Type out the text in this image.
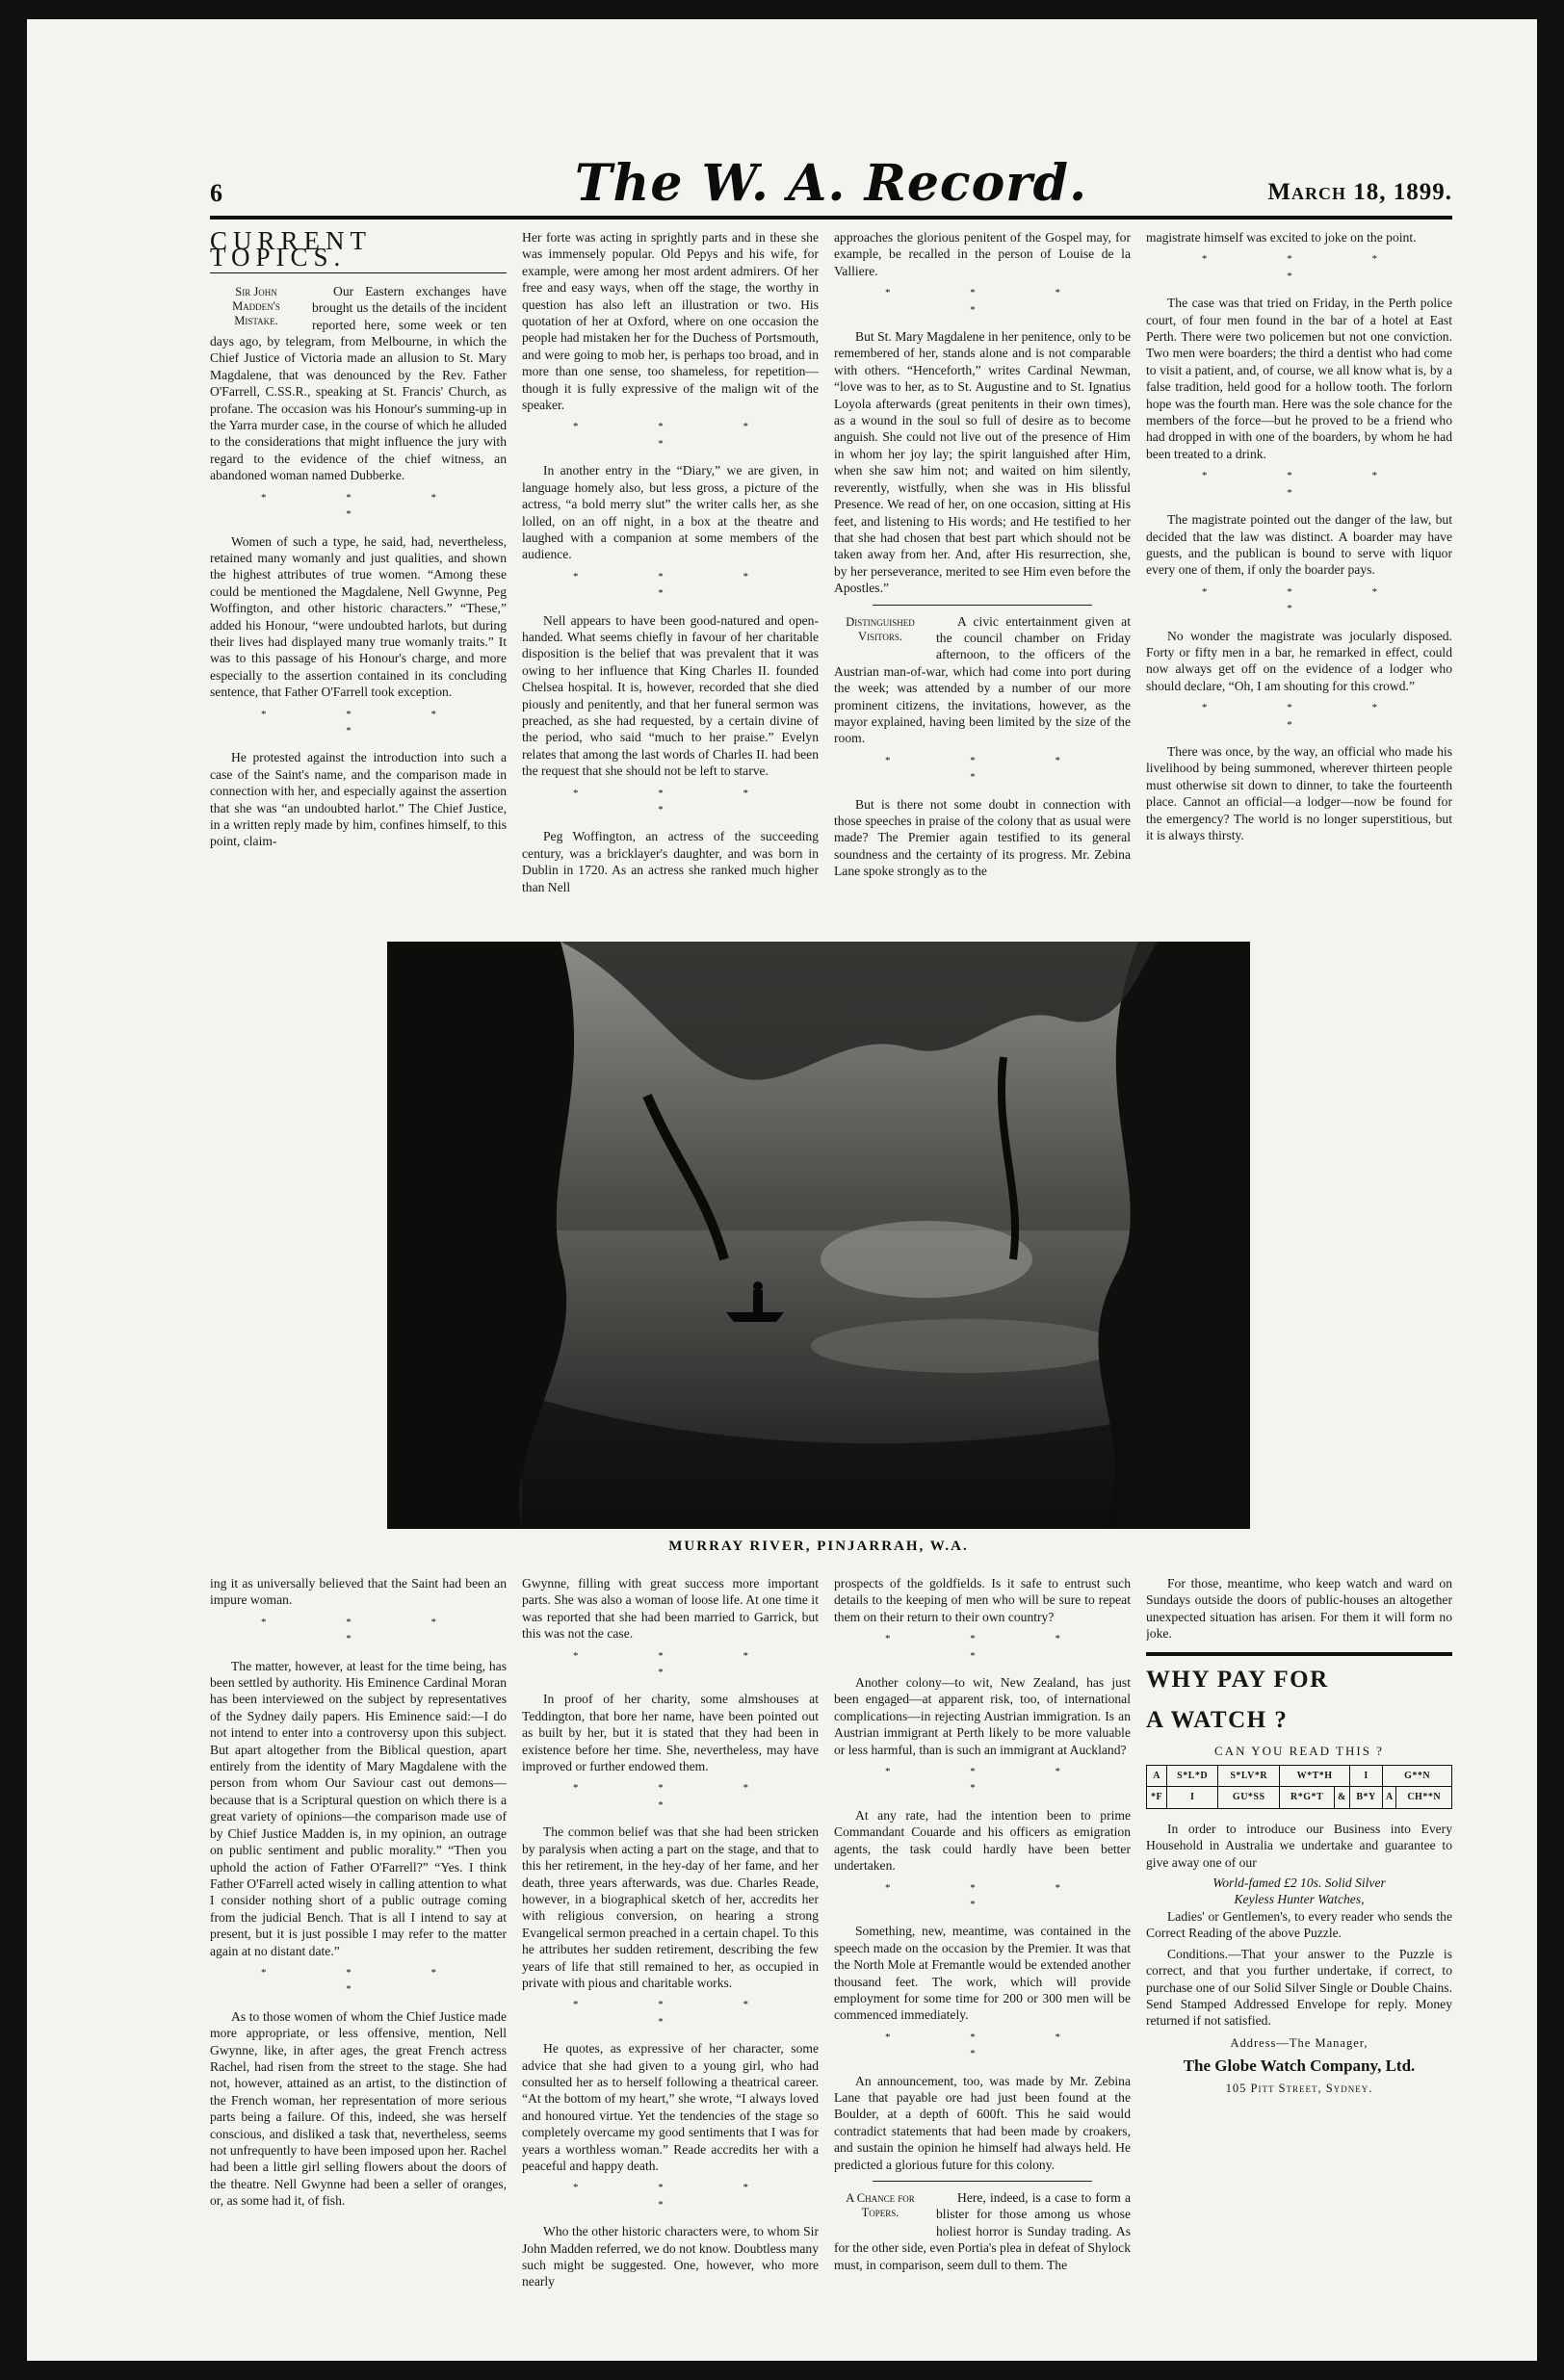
6	The W. A. Record.	March 18, 1899.
CURRENT TOPICS.
Sir John Madden's Mistake.

Our Eastern exchanges have brought us the details of the incident reported here, some week or ten days ago, by telegram, from Melbourne, in which the Chief Justice of Victoria made an allusion to St. Mary Magdalene, that was denounced by the Rev. Father O'Farrell, C.SS.R., speaking at St. Francis' Church, as profane. The occasion was his Honour's summing-up in the Yarra murder case, in the course of which he alluded to the considerations that might influence the jury with regard to the evidence of the chief witness, an abandoned woman named Dubberke.

* * * *

Women of such a type, he said, had, nevertheless, retained many womanly and just qualities, and shown the highest attributes of true women. “Among these could be mentioned the Magdalene, Nell Gwynne, Peg Woffington, and other historic characters.” “These,” added his Honour, “were undoubted harlots, but during their lives had displayed many true womanly traits.” It was to this passage of his Honour's charge, and more especially to the assertion contained in its concluding sentence, that Father O'Farrell took exception.

* * * *

He protested against the introduction into such a case of the Saint's name, and the comparison made in connection with her, and especially against the assertion that she was “an undoubted harlot.” The Chief Justice, in a written reply made by him, confines himself, to this point, claim-

Her forte was acting in sprightly parts and in these she was immensely popular. Old Pepys and his wife, for example, were among her most ardent admirers. Of her free and easy ways, when off the stage, the worthy in question has also left an illustration or two. His quotation of her at Oxford, where on one occasion the people had mistaken her for the Duchess of Portsmouth, and were going to mob her, is perhaps too broad, and in more than one sense, too shameless, for repetition—though it is fully expressive of the malign wit of the speaker.

* * * *

In another entry in the “Diary,” we are given, in language homely also, but less gross, a picture of the actress, “a bold merry slut” the writer calls her, as she lolled, on an off night, in a box at the theatre and laughed with a companion at some members of the audience.

* * * *

Nell appears to have been good-natured and open-handed. What seems chiefly in favour of her charitable disposition is the belief that was prevalent that it was owing to her influence that King Charles II. founded Chelsea hospital. It is, however, recorded that she died piously and penitently, and that her funeral sermon was preached, as she had requested, by a certain divine of the period, who said “much to her praise.” Evelyn relates that among the last words of Charles II. had been the request that she should not be left to starve.

* * * *

Peg Woffington, an actress of the succeeding century, was a bricklayer's daughter, and was born in Dublin in 1720. As an actress she ranked much higher than Nell

approaches the glorious penitent of the Gospel may, for example, be recalled in the person of Louise de la Valliere.

* * * *

But St. Mary Magdalene in her penitence, only to be remembered of her, stands alone and is not comparable with others. “Henceforth,” writes Cardinal Newman, “love was to her, as to St. Augustine and to St. Ignatius Loyola afterwards (great penitents in their own times), as a wound in the soul so full of desire as to become anguish. She could not live out of the presence of Him in whom her joy lay; the spirit languished after Him, when she saw him not; and waited on him silently, reverently, wistfully, when she was in His blissful Presence. We read of her, on one occasion, sitting at His feet, and listening to His words; and He testified to her that she had chosen that best part which should not be taken away from her. And, after His resurrection, she, by her perseverance, merited to see Him even before the Apostles.”

Distinguished Visitors.

A civic entertainment given at the council chamber on Friday afternoon, to the officers of the Austrian man-of-war, which had come into port during the week; was attended by a number of our more prominent citizens, the invitations, however, as the mayor explained, having been limited by the size of the room.

* * * *

But is there not some doubt in connection with those speeches in praise of the colony that as usual were made? The Premier again testified to its general soundness and the certainty of its progress. Mr. Zebina Lane spoke strongly as to the

magistrate himself was excited to joke on the point.

* * * *

The case was that tried on Friday, in the Perth police court, of four men found in the bar of a hotel at East Perth. There were two policemen but not one conviction. Two men were boarders; the third a dentist who had come to visit a patient, and, of course, we all know what is, by a false tradition, held good for a hollow tooth. The forlorn hope was the fourth man. Here was the sole chance for the members of the force—but he proved to be a friend who had dropped in with one of the boarders, by whom he had been treated to a drink.

* * * *

The magistrate pointed out the danger of the law, but decided that the law was distinct. A boarder may have guests, and the publican is bound to serve with liquor every one of them, if only the boarder pays.

* * * *

No wonder the magistrate was jocularly disposed. Forty or fifty men in a bar, he remarked in effect, could now always get off on the evidence of a lodger who should declare, “Oh, I am shouting for this crowd.”

* * * *

There was once, by the way, an official who made his livelihood by being summoned, wherever thirteen people must otherwise sit down to dinner, to take the fourteenth place. Cannot an official—a lodger—now be found for the emergency? The world is no longer superstitious, but it is always thirsty.

MURRAY RIVER, PINJARRAH, W.A.

ing it as universally believed that the Saint had been an impure woman.

* * * *

The matter, however, at least for the time being, has been settled by authority. His Eminence Cardinal Moran has been interviewed on the subject by representatives of the Sydney daily papers. His Eminence said:—I do not intend to enter into a controversy upon this subject. But apart altogether from the Biblical question, apart entirely from the identity of Mary Magdalene with the person from whom Our Saviour cast out demons—because that is a Scriptural question on which there is a great variety of opinions—the comparison made use of by Chief Justice Madden is, in my opinion, an outrage on public sentiment and public morality.” “Then you uphold the action of Father O'Farrell?” “Yes. I think Father O'Farrell acted wisely in calling attention to what I consider nothing short of a public outrage coming from the judicial Bench. That is all I intend to say at present, but it is just possible I may refer to the matter again at no distant date.”

* * * *

As to those women of whom the Chief Justice made more appropriate, or less offensive, mention, Nell Gwynne, like, in after ages, the great French actress Rachel, had risen from the street to the stage. She had not, however, attained as an artist, to the distinction of the French woman, her representation of more serious parts being a failure. Of this, indeed, she was herself conscious, and disliked a task that, nevertheless, seems not unfrequently to have been imposed upon her. Rachel had been a little girl selling flowers about the doors of the theatre. Nell Gwynne had been a seller of oranges, or, as some had it, of fish.

Gwynne, filling with great success more important parts. She was also a woman of loose life. At one time it was reported that she had been married to Garrick, but this was not the case.

* * * *

In proof of her charity, some almshouses at Teddington, that bore her name, have been pointed out as built by her, but it is stated that they had been in existence before her time. She, nevertheless, may have improved or further endowed them.

* * * *

The common belief was that she had been stricken by paralysis when acting a part on the stage, and that to this her retirement, in the hey-day of her fame, and her death, three years afterwards, was due. Charles Reade, however, in a biographical sketch of her, accredits her with religious conversion, on hearing a strong Evangelical sermon preached in a certain chapel. To this he attributes her sudden retirement, describing the few years of life that still remained to her, as occupied in private with pious and charitable works.

* * * *

He quotes, as expressive of her character, some advice that she had given to a young girl, who had consulted her as to herself following a theatrical career. “At the bottom of my heart,” she wrote, “I always loved and honoured virtue. Yet the tendencies of the stage so completely overcame my good sentiments that I was for years a worthless woman.” Reade accredits her with a peaceful and happy death.

* * * *

Who the other historic characters were, to whom Sir John Madden referred, we do not know. Doubtless many such might be suggested. One, however, who more nearly

prospects of the goldfields. Is it safe to entrust such details to the keeping of men who will be sure to repeat them on their return to their own country?

* * * *

Another colony—to wit, New Zealand, has just been engaged—at apparent risk, too, of international complications—in rejecting Austrian immigration. Is an Austrian immigrant at Perth likely to be more valuable or less harmful, than is such an immigrant at Auckland?

* * * *

At any rate, had the intention been to prime Commandant Couarde and his officers as emigration agents, the task could hardly have been better undertaken.

* * * *

Something, new, meantime, was contained in the speech made on the occasion by the Premier. It was that the North Mole at Fremantle would be extended another thousand feet. The work, which will provide employment for some time for 200 or 300 men will be commenced immediately.

* * * *

An announcement, too, was made by Mr. Zebina Lane that payable ore had just been found at the Boulder, at a depth of 600ft. This he said would contradict statements that had been made by croakers, and sustain the opinion he himself had always held. He predicted a glorious future for this colony.

A Chance for Topers.

Here, indeed, is a case to form a blister for those among us whose holiest horror is Sunday trading. As for the other side, even Portia's plea in defeat of Shylock must, in comparison, seem dull to them. The

For those, meantime, who keep watch and ward on Sundays outside the doors of public-houses an altogether unexpected situation has arisen. For them it will form no joke.

WHY PAY FOR
A WATCH ?
CAN YOU READ THIS ?
A	S*L*D	S*LV*R	W*T*H		I	G**N	
*F	I	GU*SS	R*G*T	&	B*Y	A	CH**N

In order to introduce our Business into Every Household in Australia we undertake and guarantee to give away one of our

World-famed £2 10s. Solid Silver
Keyless Hunter Watches,

Ladies' or Gentlemen's, to every reader who sends the Correct Reading of the above Puzzle.

Conditions.—That your answer to the Puzzle is correct, and that you further undertake, if correct, to purchase one of our Solid Silver Single or Double Chains. Send Stamped Addressed Envelope for reply. Money returned if not satisfied.

Address—The Manager,
The Globe Watch Company, Ltd.
105 Pitt Street, Sydney.
